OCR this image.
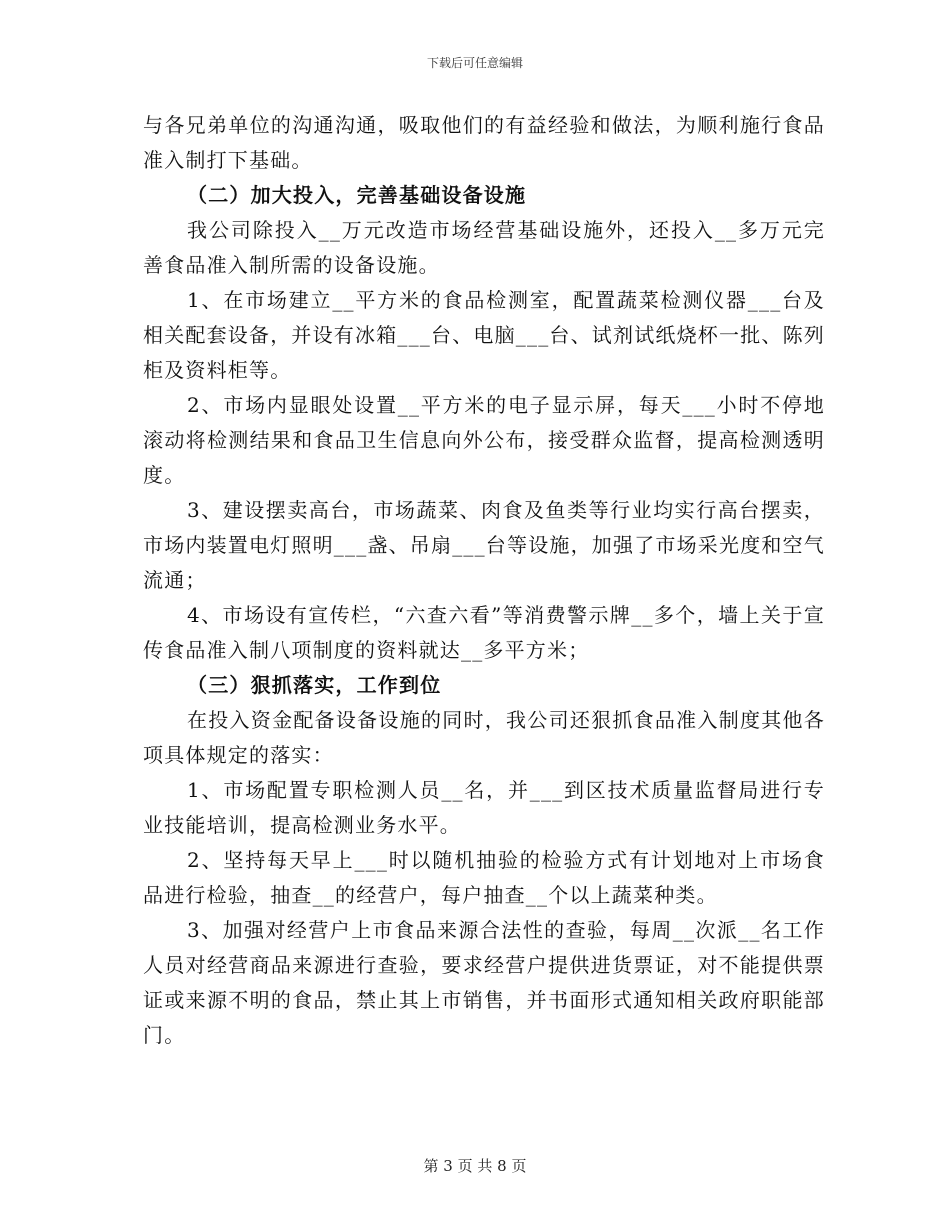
下载后可任意编辑

与各兄弟单位的沟通沟通，吸取他们的有益经验和做法，为顺利施行食品准入制打下基础。

（二）加大投入，完善基础设备设施

我公司除投入__万元改造市场经营基础设施外，还投入__多万元完善食品准入制所需的设备设施。

1、在市场建立__平方米的食品检测室，配置蔬菜检测仪器___台及相关配套设备，并设有冰箱___台、电脑___台、试剂试纸烧杯一批、陈列柜及资料柜等。

2、市场内显眼处设置__平方米的电子显示屏，每天___小时不停地滚动将检测结果和食品卫生信息向外公布，接受群众监督，提高检测透明度。

3、建设摆卖高台，市场蔬菜、肉食及鱼类等行业均实行高台摆卖，市场内装置电灯照明___盏、吊扇___台等设施，加强了市场采光度和空气流通；

4、市场设有宣传栏，“六查六看”等消费警示牌__多个，墙上关于宣传食品准入制八项制度的资料就达__多平方米；

（三）狠抓落实，工作到位

在投入资金配备设备设施的同时，我公司还狠抓食品准入制度其他各项具体规定的落实：

1、市场配置专职检测人员__名，并___到区技术质量监督局进行专业技能培训，提高检测业务水平。

2、坚持每天早上___时以随机抽验的检验方式有计划地对上市场食品进行检验，抽查__的经营户，每户抽查__个以上蔬菜种类。

3、加强对经营户上市食品来源合法性的查验，每周__次派__名工作人员对经营商品来源进行查验，要求经营户提供进货票证，对不能提供票证或来源不明的食品，禁止其上市销售，并书面形式通知相关政府职能部门。

第 3 页 共 8 页
